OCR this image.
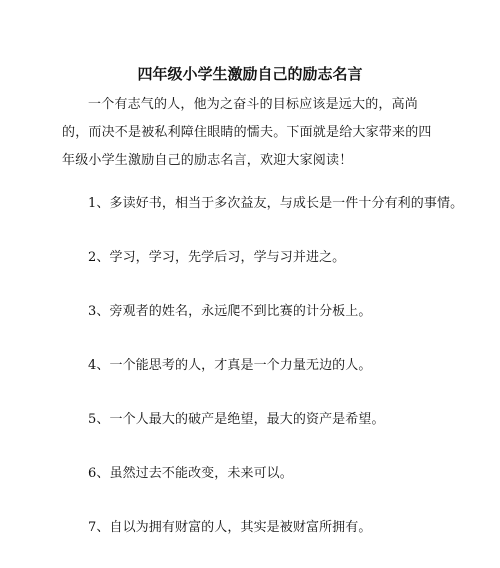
四年级小学生激励自己的励志名言
一个有志气的人，他为之奋斗的目标应该是远大的，高尚的，而决不是被私利障住眼睛的懦夫。下面就是给大家带来的四年级小学生激励自己的励志名言，欢迎大家阅读！
1、多读好书，相当于多次益友，与成长是一件十分有利的事情。
2、学习，学习，先学后习，学与习并进之。
3、旁观者的姓名，永远爬不到比赛的计分板上。
4、一个能思考的人，才真是一个力量无边的人。
5、一个人最大的破产是绝望，最大的资产是希望。
6、虽然过去不能改变，未来可以。
7、自以为拥有财富的人，其实是被财富所拥有。
